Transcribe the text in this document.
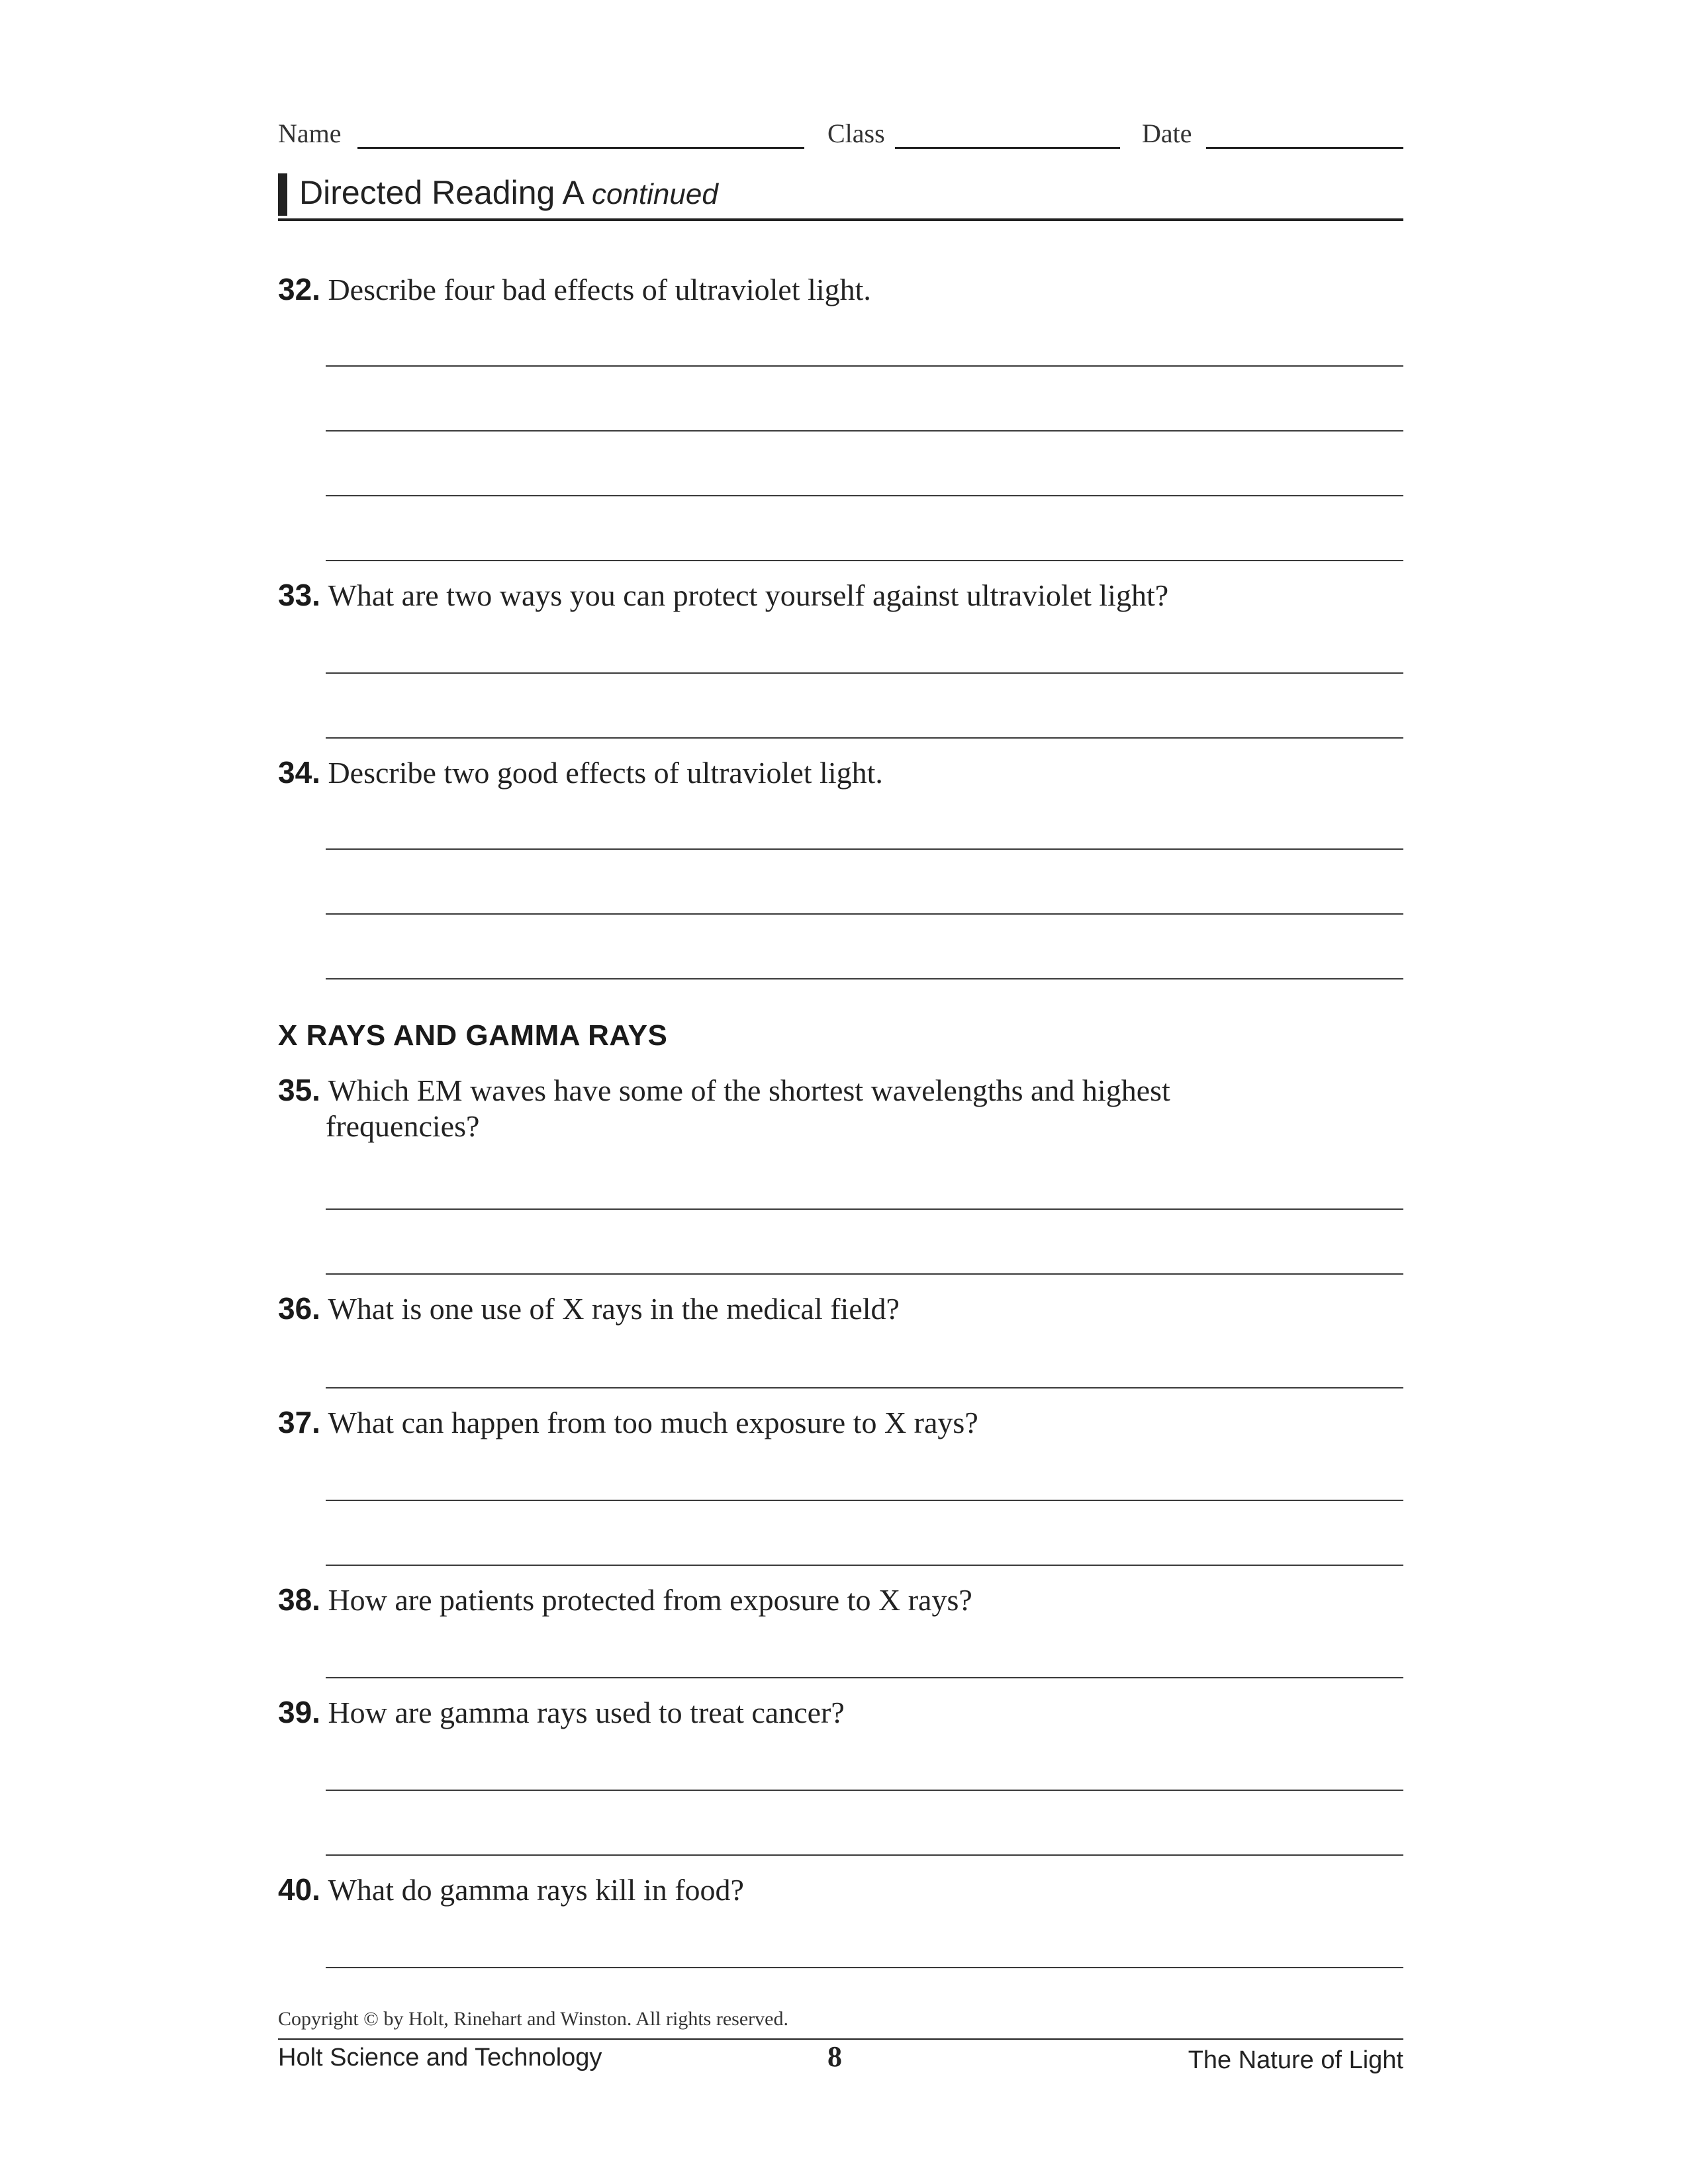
Name	Class	Date
Directed Reading A continued
32. Describe four bad effects of ultraviolet light.
33. What are two ways you can protect yourself against ultraviolet light?
34. Describe two good effects of ultraviolet light.
X RAYS AND GAMMA RAYS
35. Which EM waves have some of the shortest wavelengths and highest
frequencies?
36. What is one use of X rays in the medical field?
37. What can happen from too much exposure to X rays?
38. How are patients protected from exposure to X rays?
39. How are gamma rays used to treat cancer?
40. What do gamma rays kill in food?
Copyright © by Holt, Rinehart and Winston. All rights reserved.
Holt Science and Technology	8	The Nature of Light
